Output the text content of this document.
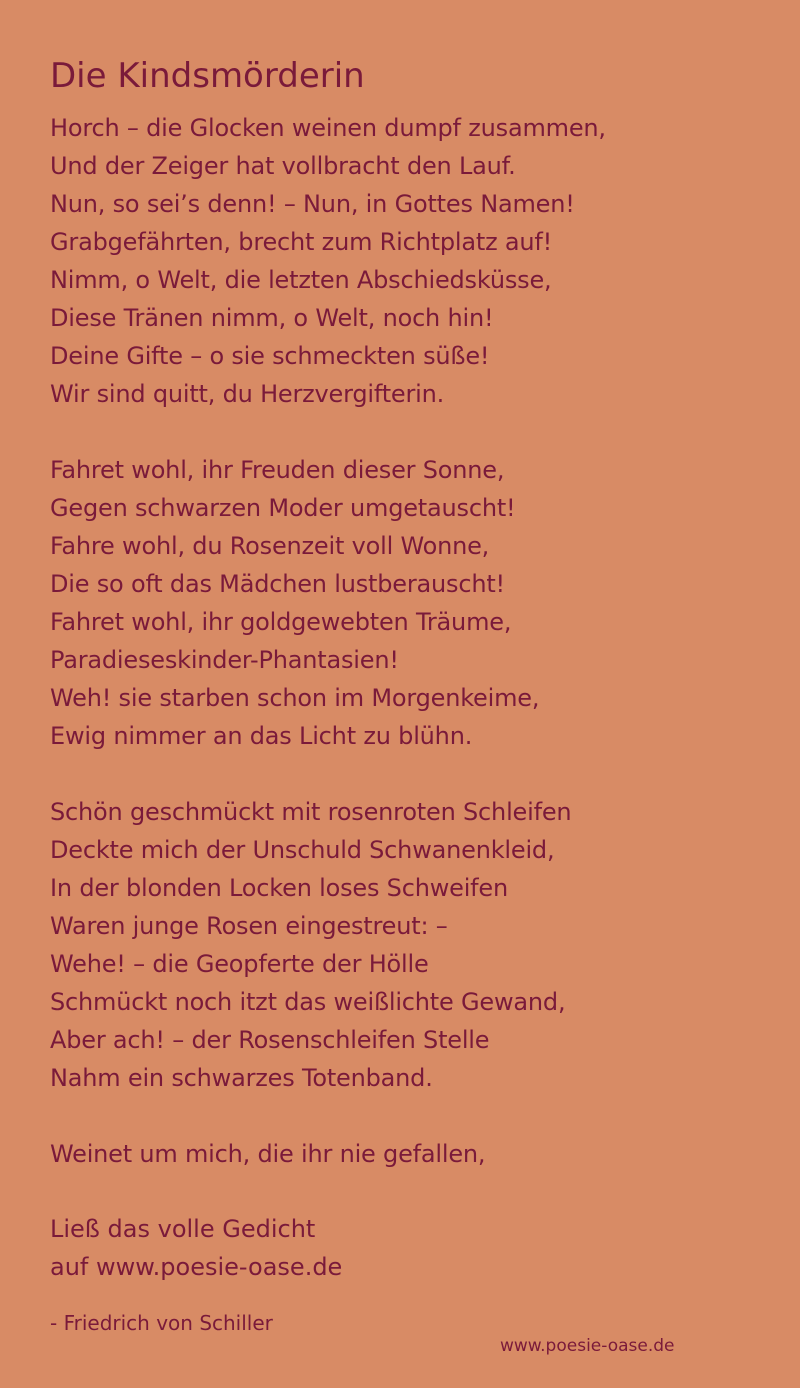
Die Kindsmörderin
Horch – die Glocken weinen dumpf zusammen,
Und der Zeiger hat vollbracht den Lauf.
Nun, so sei’s denn! – Nun, in Gottes Namen!
Grabgefährten, brecht zum Richtplatz auf!
Nimm, o Welt, die letzten Abschiedsküsse,
Diese Tränen nimm, o Welt, noch hin!
Deine Gifte – o sie schmeckten süße!
Wir sind quitt, du Herzvergifterin.
Fahret wohl, ihr Freuden dieser Sonne,
Gegen schwarzen Moder umgetauscht!
Fahre wohl, du Rosenzeit voll Wonne,
Die so oft das Mädchen lustberauscht!
Fahret wohl, ihr goldgewebten Träume,
Paradieseskinder-Phantasien!
Weh! sie starben schon im Morgenkeime,
Ewig nimmer an das Licht zu blühn.
Schön geschmückt mit rosenroten Schleifen
Deckte mich der Unschuld Schwanenkleid,
In der blonden Locken loses Schweifen
Waren junge Rosen eingestreut: –
Wehe! – die Geopferte der Hölle
Schmückt noch itzt das weißlichte Gewand,
Aber ach! – der Rosenschleifen Stelle
Nahm ein schwarzes Totenband.
Weinet um mich, die ihr nie gefallen,
Ließ das volle Gedicht
auf www.poesie-oase.de
- Friedrich von Schiller
www.poesie-oase.de
